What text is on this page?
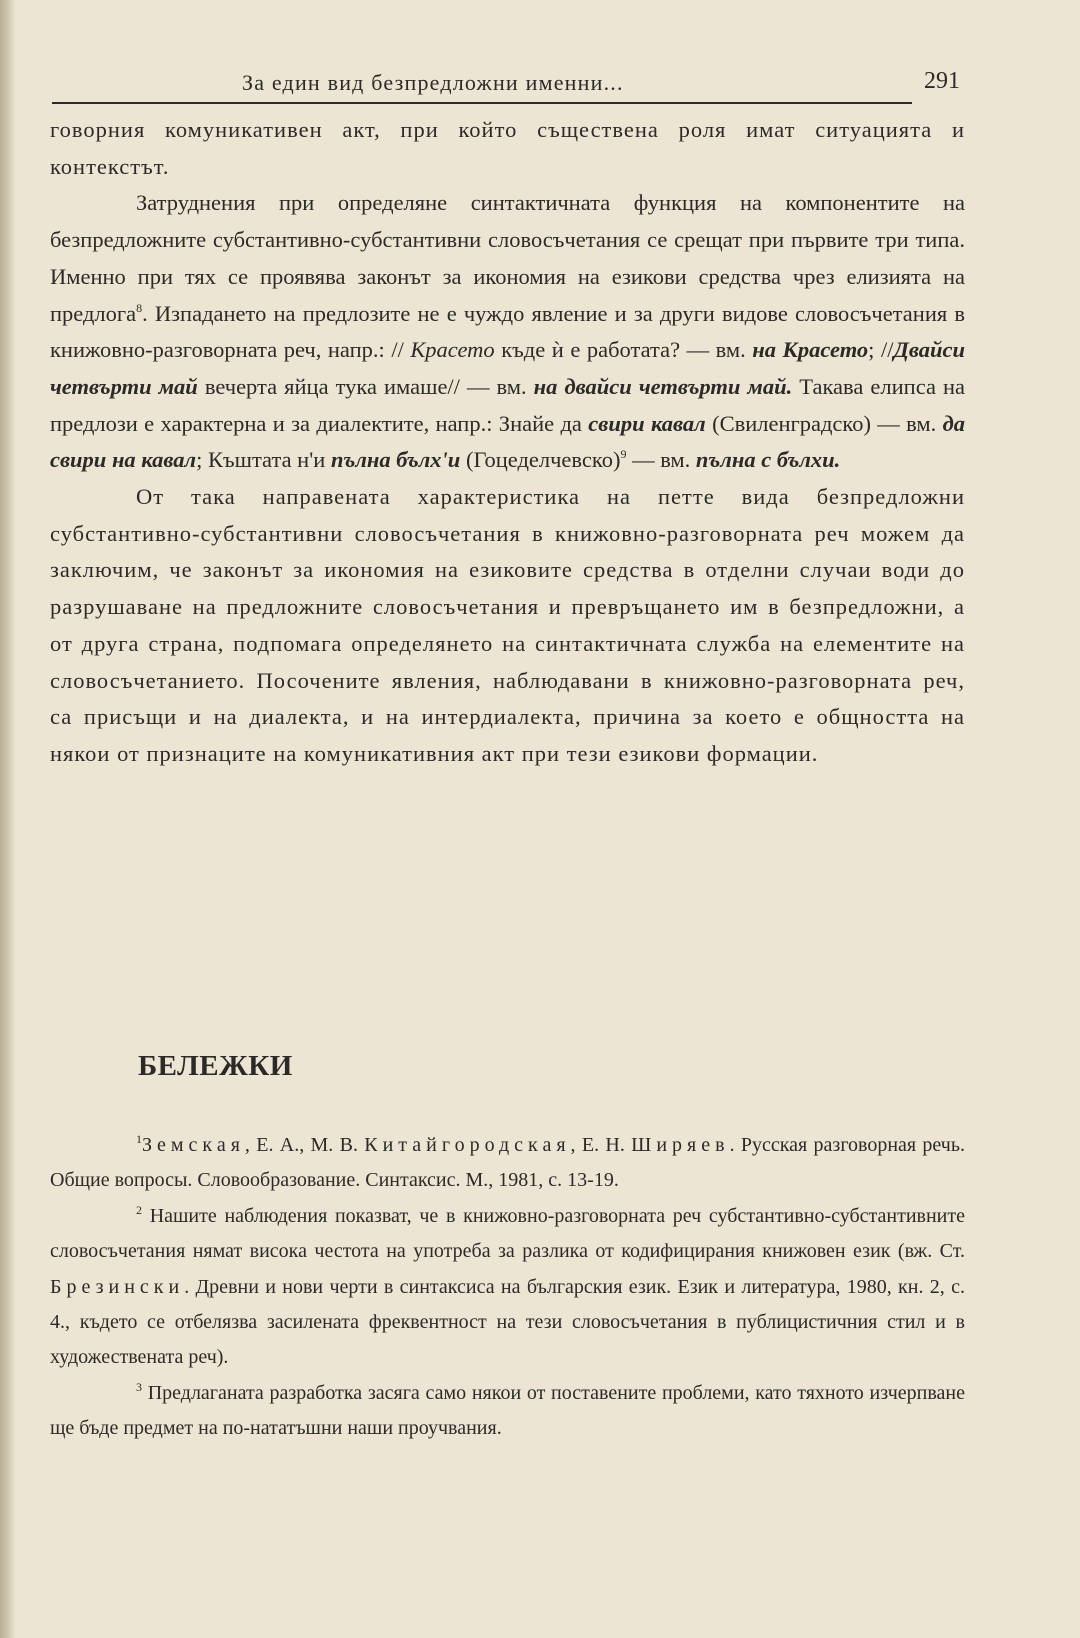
За един вид безпредложни именни...	291

говорния комуникативен акт, при който съществена роля имат ситуацията и контекстът.

Затруднения при определяне синтактичната функция на компонентите на безпредложните субстантивно-субстантивни словосъчетания се срещат при първите три типа. Именно при тях се проявява законът за икономия на езикови средства чрез елизията на предлога$^8$. Изпадането на предлозите не е чуждо явление и за други видове словосъчетания в книжовно-разговорната реч, напр.: // Красето къде ѝ е работата? — вм. на Красето; //Двайси четвърти май вечерта яйца тука имаше// — вм. на двайси четвърти май. Такава елипса на предлози е характерна и за диалектите, напр.: Знайе да свири кавал (Свиленградско) — вм. да свири на кавал; Къштата н'и пълна бълх'и (Гоцеделчевско)$^9$ — вм. пълна с бълхи.

От така направената характеристика на петте вида безпредложни субстантивно-субстантивни словосъчетания в книжовно-разговорната реч можем да заключим, че законът за икономия на езиковите средства в отделни случаи води до разрушаване на предложните словосъчетания и превръщането им в безпредложни, а от друга страна, подпомага определянето на синтактичната служба на елементите на словосъчетанието. Посочените явления, наблюдавани в книжовно-разговорната реч, са присъщи и на диалекта, и на интердиалекта, причина за което е общността на някои от признаците на комуникативния акт при тези езикови формации.

БЕЛЕЖКИ

$^1$Земская, Е. А., М. В. Китайгородская, Е. Н. Ширяев. Русская разговорная речь. Общие вопросы. Словообразование. Синтаксис. М., 1981, с. 13-19.

$^2$ Нашите наблюдения показват, че в книжовно-разговорната реч субстантивно-субстантивните словосъчетания нямат висока честота на употреба за разлика от кодифицирания книжовен език (вж. Ст. Брезински. Древни и нови черти в синтаксиса на българския език. Език и литература, 1980, кн. 2, с. 4., където се отбелязва засилената фреквентност на тези словосъчетания в публицистичния стил и в художествената реч).

$^3$ Предлаганата разработка засяга само някои от поставените проблеми, като тяхното изчерпване ще бъде предмет на по-нататъшни наши проучвания.
